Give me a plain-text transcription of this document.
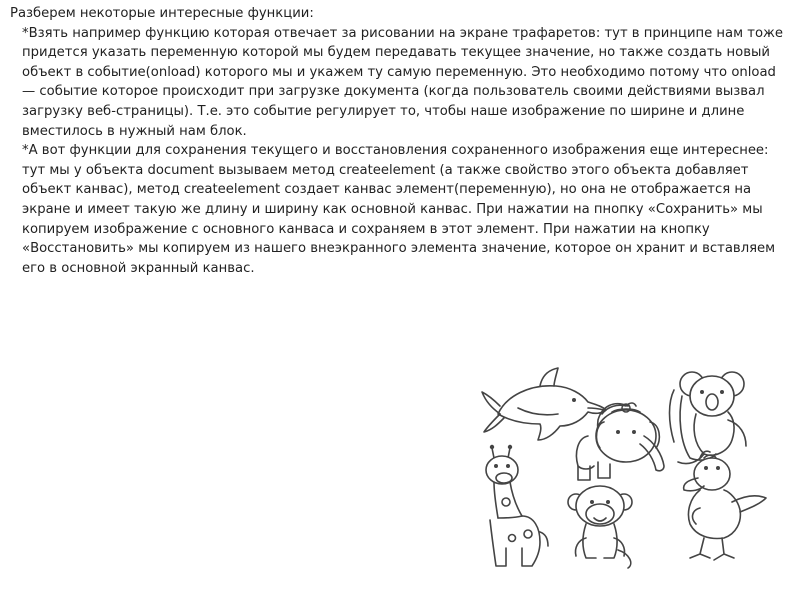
Разберем некоторые интересные функции:

*Взять например функцию которая отвечает за рисовании на экране трафаретов: тут в принципе нам тоже придется указать переменную которой мы будем передавать текущее значение, но также создать новый объект в событие(onload) которого мы и укажем ту самую переменную. Это необходимо потому что onload — событие которое происходит при загрузке документа (когда пользователь своими действиями вызвал загрузку веб-страницы). Т.е. это событие регулирует то, чтобы наше изображение по ширине и длине вместилось в нужный нам блок.

*А вот функции для сохранения текущего и восстановления сохраненного изображения еще интереснее: тут мы у объекта document вызываем метод createelement (а также свойство этого объекта добавляет объект канвас), метод createelement создает канвас элемент(переменную), но она не отображается на экране и имеет такую же длину и ширину как основной канвас. При нажатии на пнопку «Сохранить» мы копируем изображение с основного канваса и сохраняем в этот элемент. При нажатии на кнопку «Восстановить» мы копируем из нашего внеэкранного элемента значение, которое он хранит и вставляем его в основной экранный канвас.
